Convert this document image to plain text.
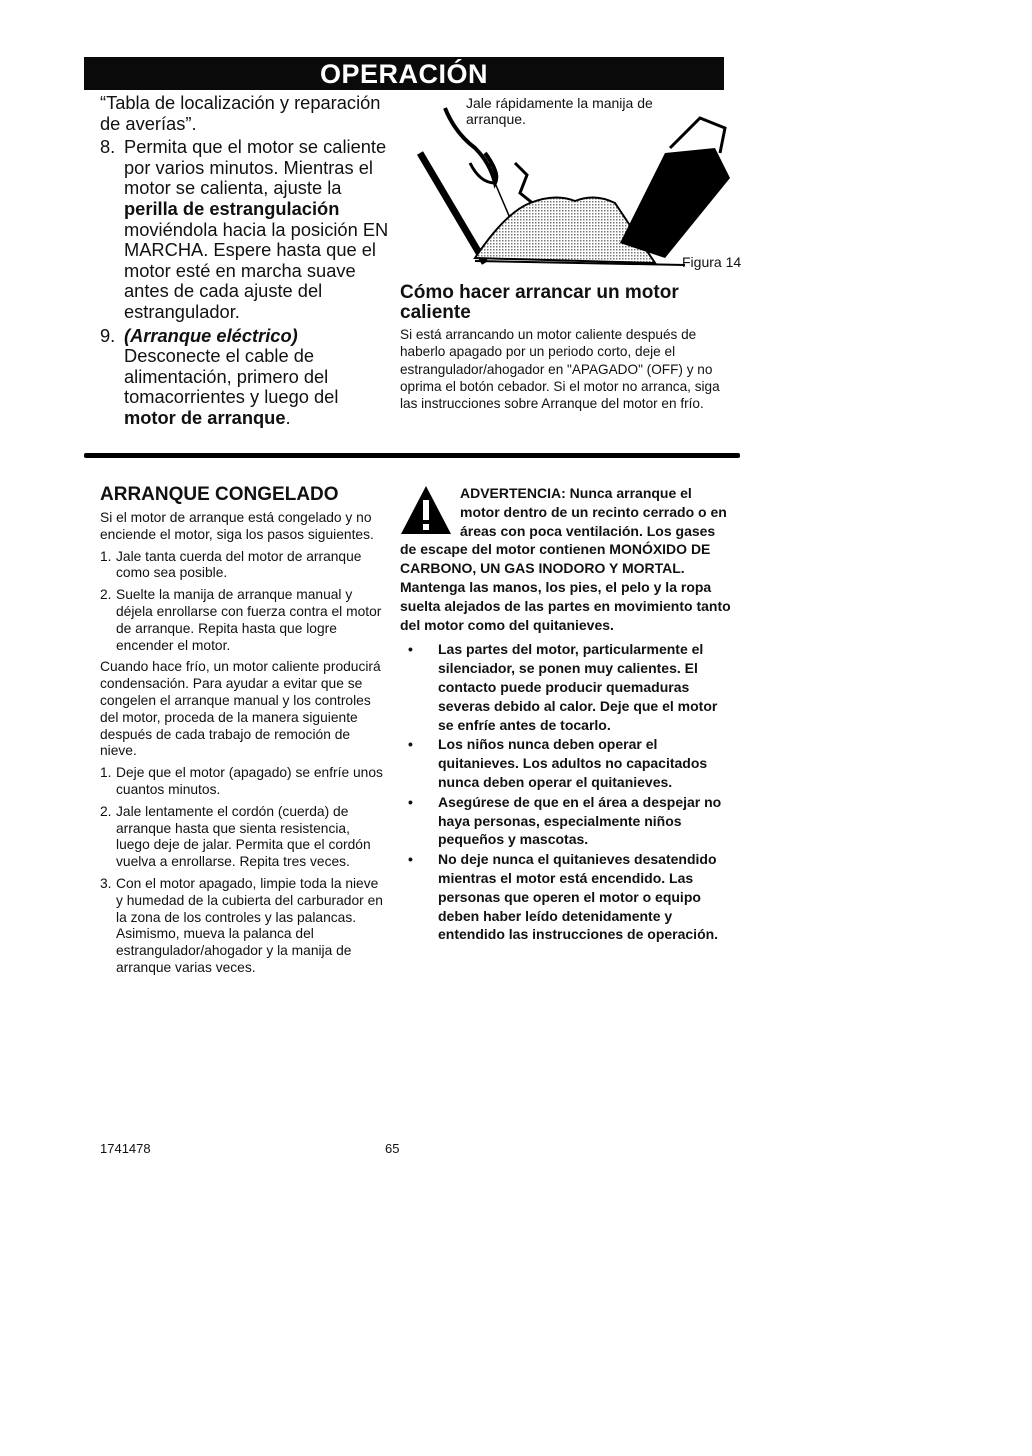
OPERACIÓN

“Tabla de localización y reparación de averías”.

8. Permita que el motor se caliente por varios minutos. Mientras el motor se calienta, ajuste la perilla de estrangulación moviéndola hacia la posición EN MARCHA. Espere hasta que el motor esté en marcha suave antes de cada ajuste del estrangulador.
9. (Arranque eléctrico) Desconecte el cable de alimentación, primero del tomacorrientes y luego del motor de arranque.
Jale rápidamente la manija de arranque.
Figura 14
Cómo hacer arrancar un motor caliente
Si está arrancando un motor caliente después de haberlo apagado por un periodo corto, deje el estrangulador/ahogador en "APAGADO" (OFF) y no oprima el botón cebador. Si el motor no arranca, siga las instrucciones sobre Arranque del motor en frío.
ARRANQUE CONGELADO

Si el motor de arranque está congelado y no enciende el motor, siga los pasos siguientes.

1. Jale tanta cuerda del motor de arranque como sea posible.
2. Suelte la manija de arranque manual y déjela enrollarse con fuerza contra el motor de arranque. Repita hasta que logre encender el motor.

Cuando hace frío, un motor caliente producirá condensación. Para ayudar a evitar que se congelen el arranque manual y los controles del motor, proceda de la manera siguiente después de cada trabajo de remoción de nieve.

1. Deje que el motor (apagado) se enfríe unos cuantos minutos.
2. Jale lentamente el cordón (cuerda) de arranque hasta que sienta resistencia, luego deje de jalar. Permita que el cordón vuelva a enrollarse. Repita tres veces.
3. Con el motor apagado, limpie toda la nieve y humedad de la cubierta del carburador en la zona de los controles y las palancas. Asimismo, mueva la palanca del estrangulador/ahogador y la manija de arranque varias veces.

ADVERTENCIA: Nunca arranque el motor dentro de un recinto cerrado o en áreas con poca ventilación. Los gases de escape del motor contienen MONÓXIDO DE CARBONO, UN GAS INODORO Y MORTAL. Mantenga las manos, los pies, el pelo y la ropa suelta alejados de las partes en movimiento tanto del motor como del quitanieves.

• Las partes del motor, particularmente el silenciador, se ponen muy calientes. El contacto puede producir quemaduras severas debido al calor. Deje que el motor se enfríe antes de tocarlo.
• Los niños nunca deben operar el quitanieves. Los adultos no capacitados nunca deben operar el quitanieves.
• Asegúrese de que en el área a despejar no haya personas, especialmente niños pequeños y mascotas.
• No deje nunca el quitanieves desatendido mientras el motor está encendido. Las personas que operen el motor o equipo deben haber leído detenidamente y entendido las instrucciones de operación.
1741478	65
